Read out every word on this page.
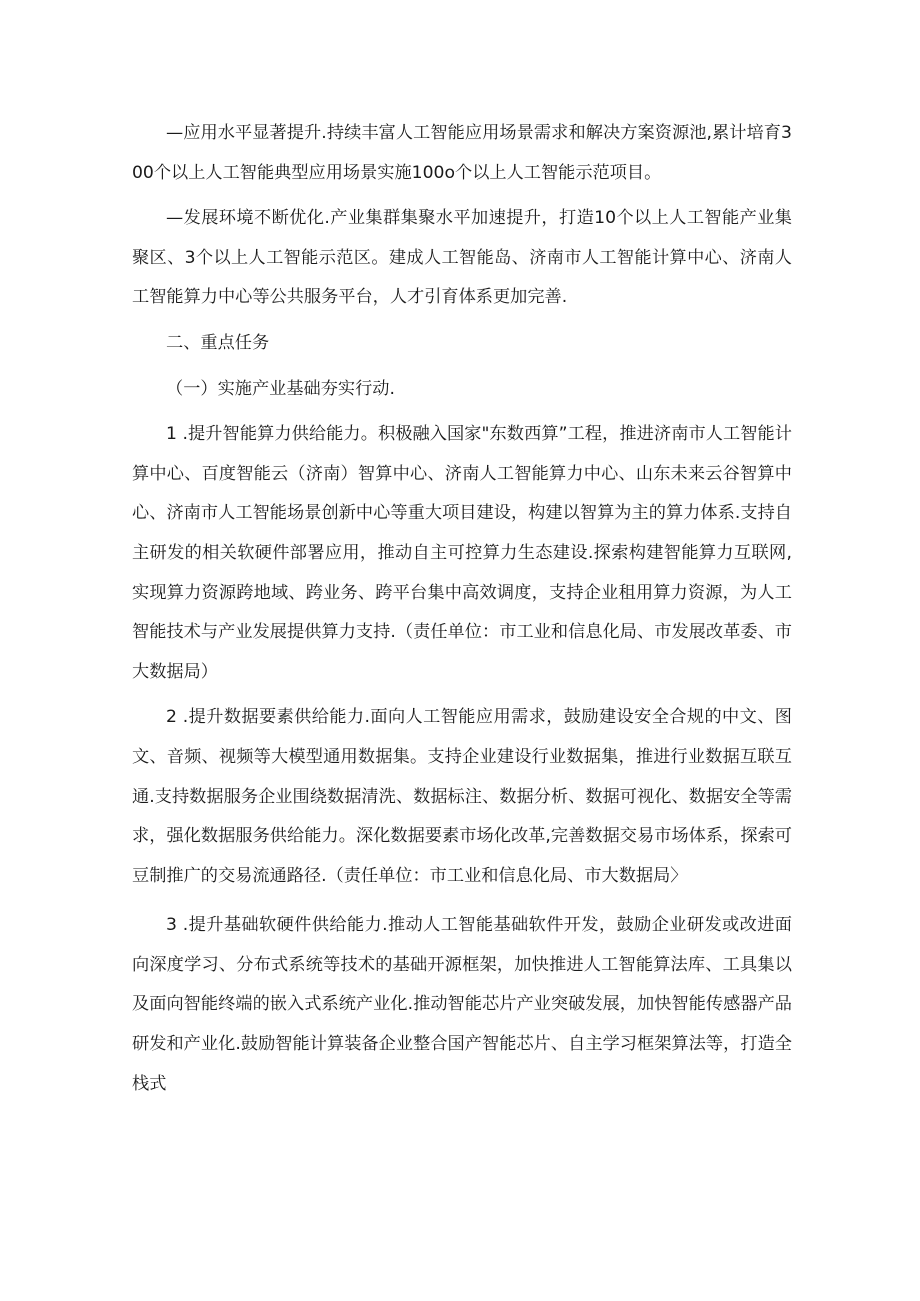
—应用水平显著提升.持续丰富人工智能应用场景需求和解决方案资源池,累计培育300个以上人工智能典型应用场景实施100o个以上人工智能示范项目。

—发展环境不断优化.产业集群集聚水平加速提升，打造10个以上人工智能产业集聚区、3个以上人工智能示范区。建成人工智能岛、济南市人工智能计算中心、济南人工智能算力中心等公共服务平台，人才引育体系更加完善.

二、重点任务

（一）实施产业基础夯实行动.

1 .提升智能算力供给能力。积极融入国家"东数西算”工程，推进济南市人工智能计算中心、百度智能云（济南）智算中心、济南人工智能算力中心、山东未来云谷智算中心、济南市人工智能场景创新中心等重大项目建设，构建以智算为主的算力体系.支持自主研发的相关软硬件部署应用，推动自主可控算力生态建设.探索构建智能算力互联网,实现算力资源跨地域、跨业务、跨平台集中高效调度，支持企业租用算力资源，为人工智能技术与产业发展提供算力支持.（责任单位：市工业和信息化局、市发展改革委、市大数据局）

2 .提升数据要素供给能力.面向人工智能应用需求，鼓励建设安全合规的中文、图文、音频、视频等大模型通用数据集。支持企业建设行业数据集，推进行业数据互联互通.支持数据服务企业围绕数据清洗、数据标注、数据分析、数据可视化、数据安全等需求，强化数据服务供给能力。深化数据要素市场化改革,完善数据交易市场体系，探索可豆制推广的交易流通路径.（责任单位：市工业和信息化局、市大数据局〉

3 .提升基础软硬件供给能力.推动人工智能基础软件开发，鼓励企业研发或改进面向深度学习、分布式系统等技术的基础开源框架，加快推进人工智能算法库、工具集以及面向智能终端的嵌入式系统产业化.推动智能芯片产业突破发展，加快智能传感器产品研发和产业化.鼓励智能计算装备企业整合国产智能芯片、自主学习框架算法等，打造全栈式
